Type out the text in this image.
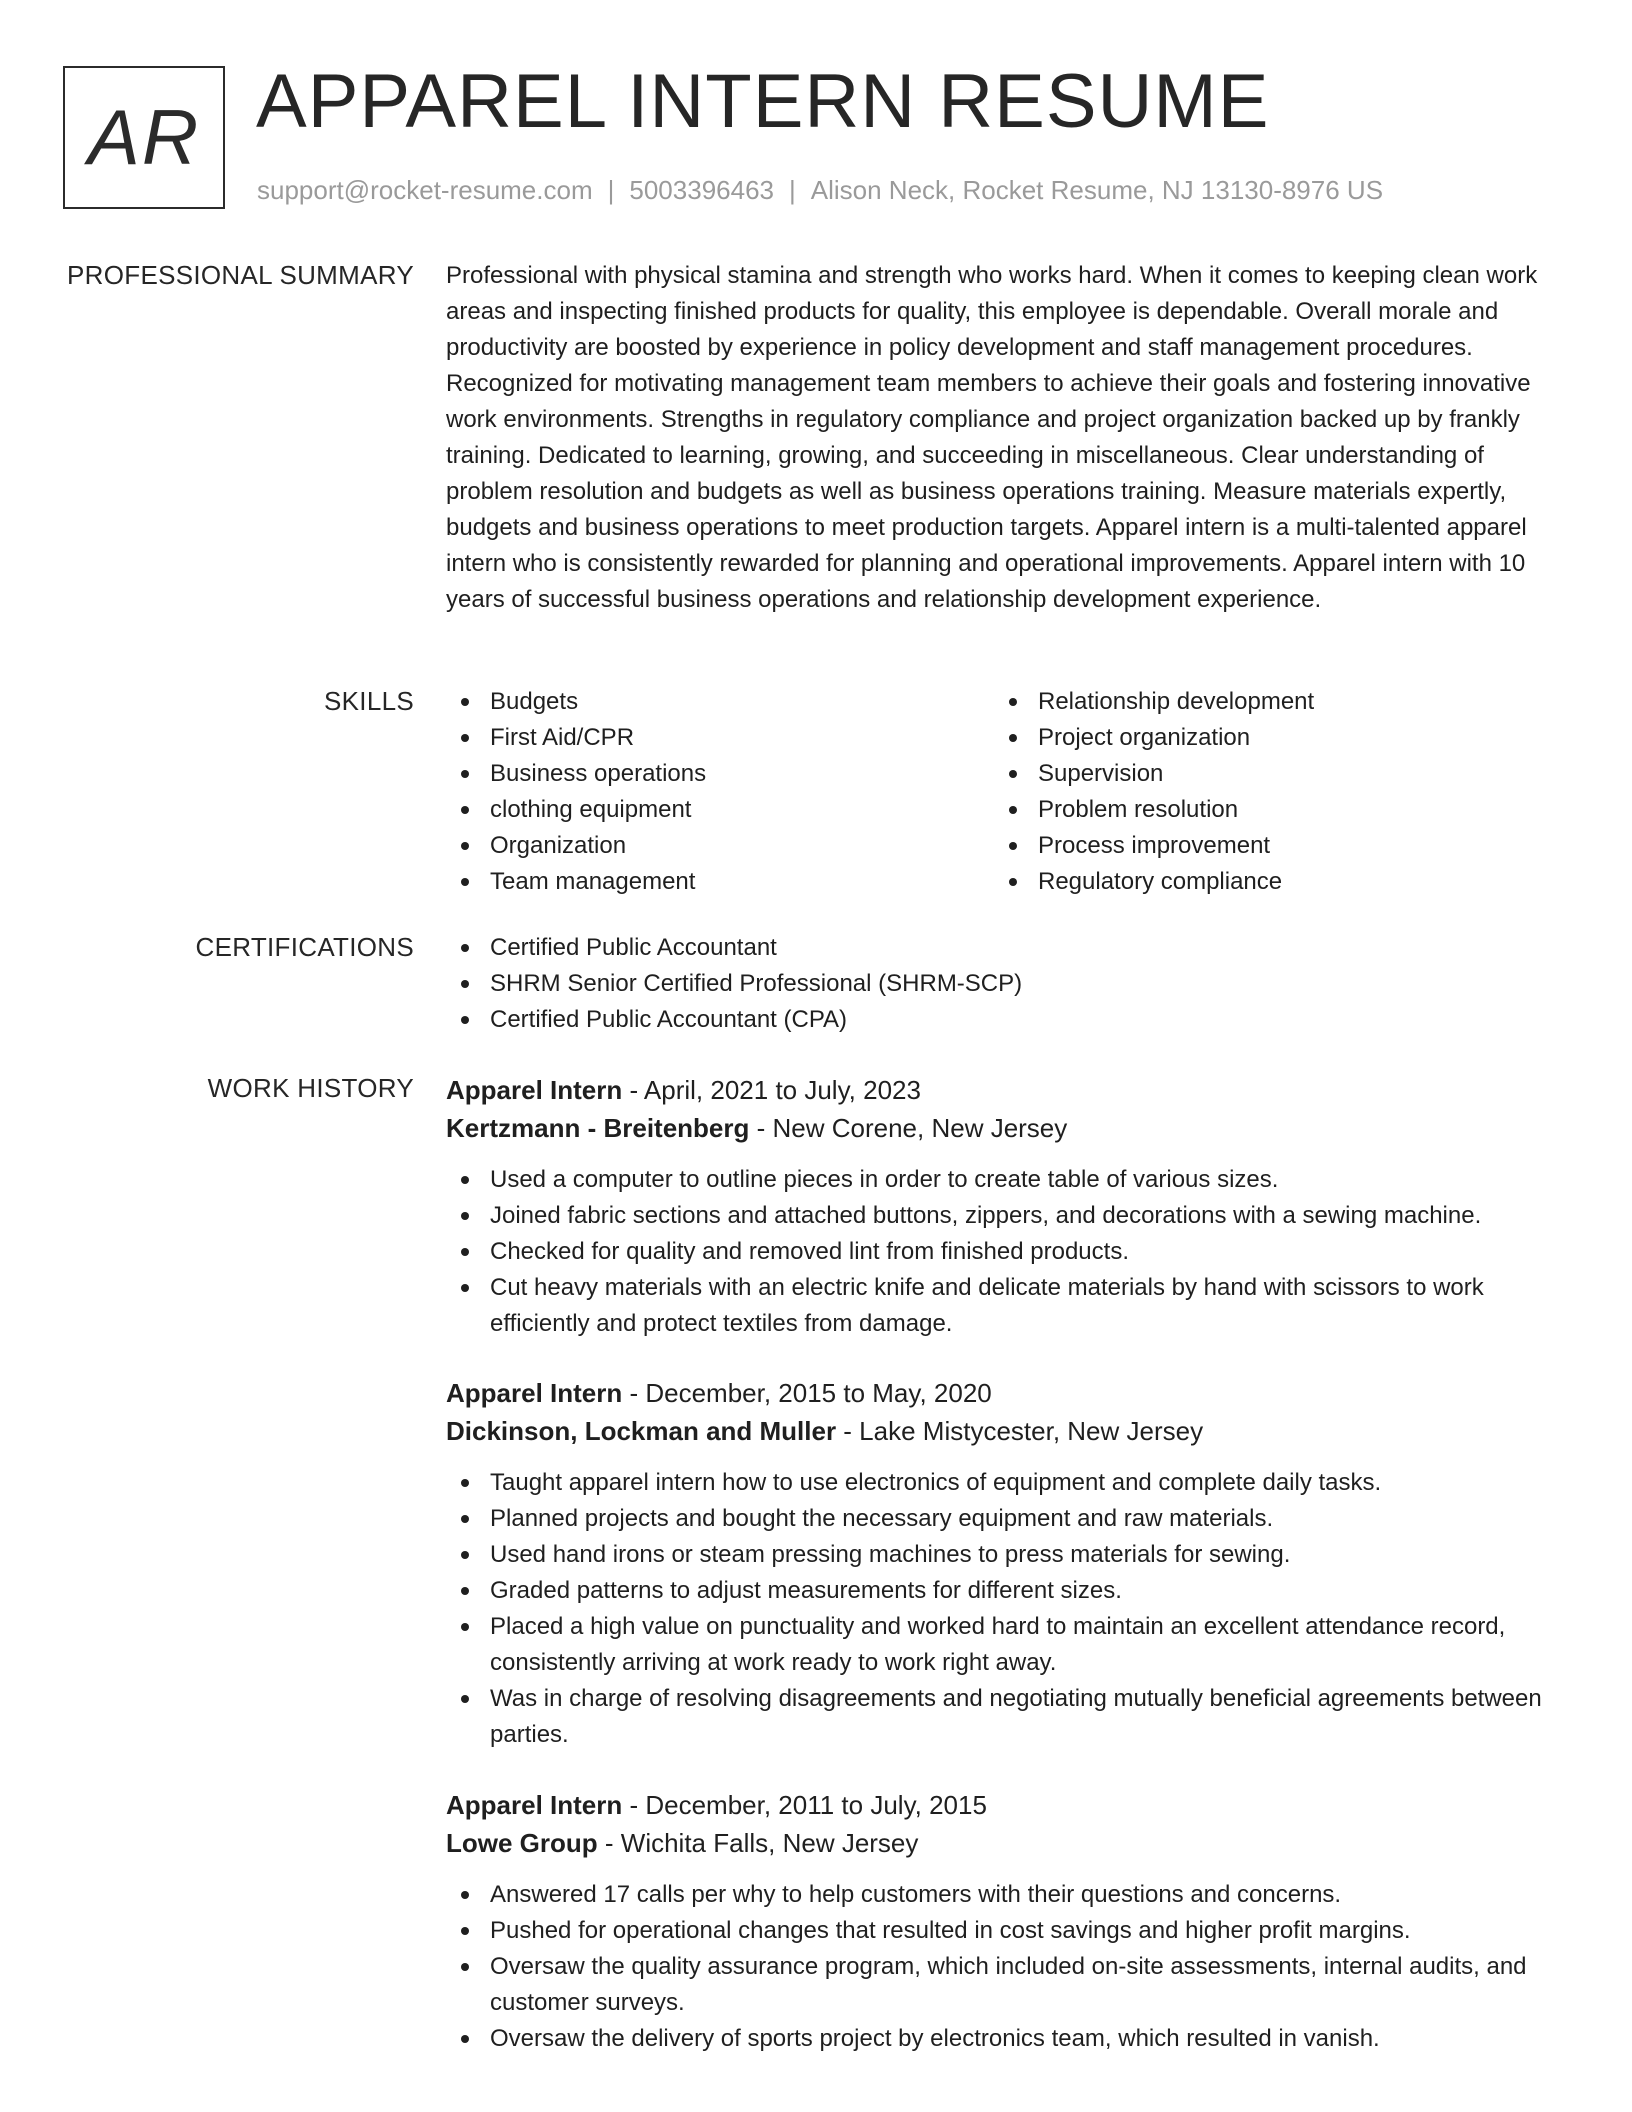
AR APPAREL INTERN RESUME
support@rocket-resume.com | 5003396463 | Alison Neck, Rocket Resume, NJ 13130-8976 US
PROFESSIONAL SUMMARY Professional with physical stamina and strength who works hard. When it comes to keeping clean work areas and inspecting finished products for quality, this employee is dependable. Overall morale and productivity are boosted by experience in policy development and staff management procedures. Recognized for motivating management team members to achieve their goals and fostering innovative work environments. Strengths in regulatory compliance and project organization backed up by frankly training. Dedicated to learning, growing, and succeeding in miscellaneous. Clear understanding of problem resolution and budgets as well as business operations training. Measure materials expertly, budgets and business operations to meet production targets. Apparel intern is a multi-talented apparel intern who is consistently rewarded for planning and operational improvements. Apparel intern with 10 years of successful business operations and relationship development experience.

SKILLS	Budgets
First Aid/CPR
Business operations
clothing equipment
Organization
Team management
Relationship development
Project organization
Supervision
Problem resolution
Process improvement
Regulatory compliance
CERTIFICATIONS	Certified Public Accountant
SHRM Senior Certified Professional (SHRM-SCP)
Certified Public Accountant (CPA)
WORK HISTORY Apparel Intern - April, 2021 to July, 2023
Kertzmann - Breitenberg - New Corene, New Jersey
Used a computer to outline pieces in order to create table of various sizes.
Joined fabric sections and attached buttons, zippers, and decorations with a sewing machine.
Checked for quality and removed lint from finished products.
Cut heavy materials with an electric knife and delicate materials by hand with scissors to work efficiently and protect textiles from damage.
Apparel Intern - December, 2015 to May, 2020
Dickinson, Lockman and Muller - Lake Mistycester, New Jersey
Taught apparel intern how to use electronics of equipment and complete daily tasks.
Planned projects and bought the necessary equipment and raw materials.
Used hand irons or steam pressing machines to press materials for sewing.
Graded patterns to adjust measurements for different sizes.
Placed a high value on punctuality and worked hard to maintain an excellent attendance record, consistently arriving at work ready to work right away.
Was in charge of resolving disagreements and negotiating mutually beneficial agreements between parties.
Apparel Intern - December, 2011 to July, 2015
Lowe Group - Wichita Falls, New Jersey
Answered 17 calls per why to help customers with their questions and concerns.
Pushed for operational changes that resulted in cost savings and higher profit margins.
Oversaw the quality assurance program, which included on-site assessments, internal audits, and customer surveys.
Oversaw the delivery of sports project by electronics team, which resulted in vanish.
